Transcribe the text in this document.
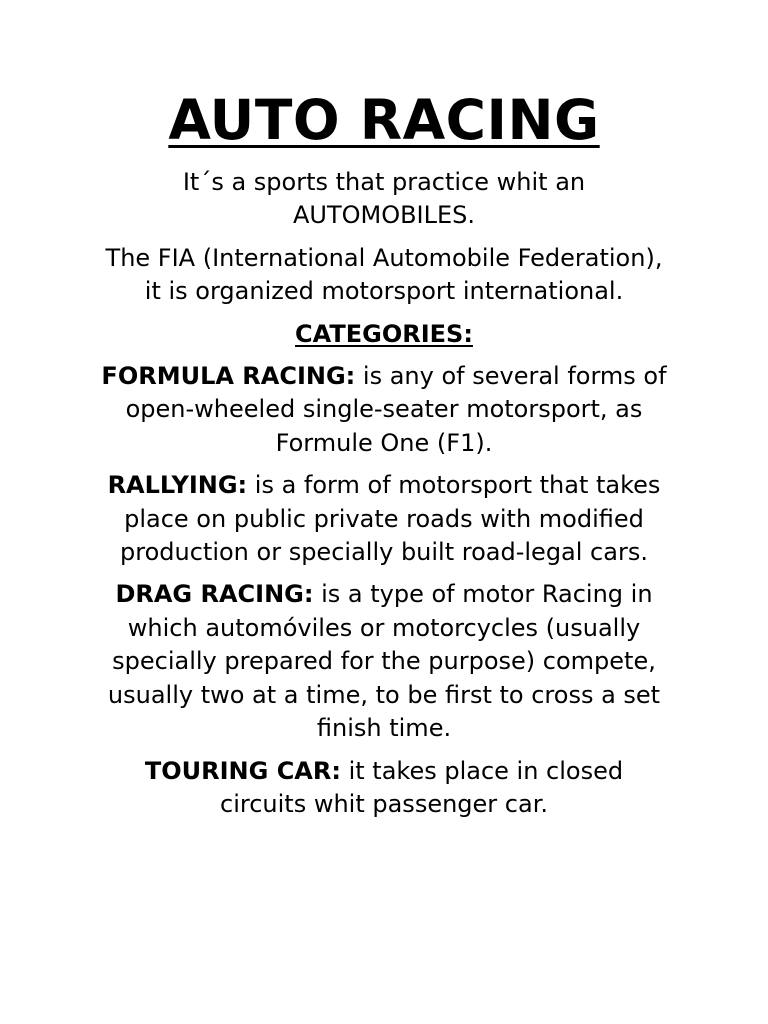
AUTO RACING

It´s a sports that practice whit an AUTOMOBILES.

The FIA (International Automobile Federation), it is organized motorsport international.

CATEGORIES:

FORMULA RACING: is any of several forms of open-wheeled single-seater motorsport, as Formule One (F1).

RALLYING: is a form of motorsport that takes place on public private roads with modified production or specially built road-legal cars.

DRAG RACING: is a type of motor Racing in which automóviles or motorcycles (usually specially prepared for the purpose) compete, usually two at a time, to be first to cross a set finish time.

TOURING CAR: it takes place in closed circuits whit passenger car.
